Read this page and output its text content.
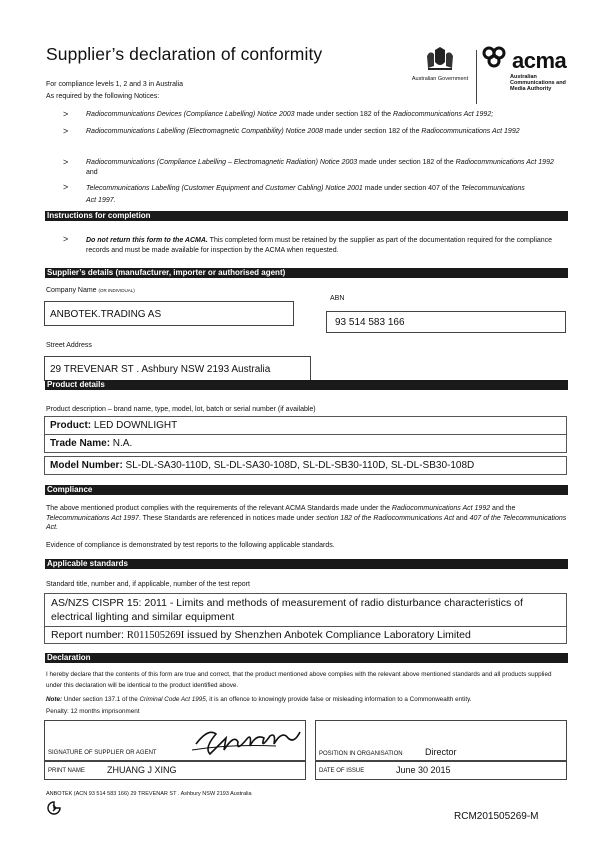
Supplier’s declaration of conformity
Australian Government
acma
Australian Communications and Media Authority
For compliance levels 1, 2 and 3 in Australia
As required by the following Notices:
>	Radiocommunications Devices (Compliance Labelling) Notice 2003 made under section 182 of the Radiocommunications Act 1992;
>	Radiocommunications Labelling (Electromagnetic Compatibility) Notice 2008 made under section 182 of the Radiocommunications Act 1992
>	Radiocommunications (Compliance Labelling – Electromagnetic Radiation) Notice 2003 made under section 182 of the Radiocommunications Act 1992 and
>	Telecommunications Labelling (Customer Equipment and Customer Cabling) Notice 2001 made under section 407 of the Telecommunications Act 1997.
Instructions for completion
>	Do not return this form to the ACMA. This completed form must be retained by the supplier as part of the documentation required for the compliance records and must be made available for inspection by the ACMA when requested.
Supplier’s details (manufacturer, importer or authorised agent)
Company Name (OR INDIVIDUAL)
ANBOTEK.TRADING AS
ABN
93 514 583 166
Street Address
29 TREVENAR ST . Ashbury NSW 2193 Australia
Product details
Product description – brand name, type, model, lot, batch or serial number (if available)
Product: LED DOWNLIGHT
Trade Name: N.A.
Model Number: SL-DL-SA30-110D, SL-DL-SA30-108D, SL-DL-SB30-110D, SL-DL-SB30-108D
Compliance
The above mentioned product complies with the requirements of the relevant ACMA Standards made under the Radiocommunications Act 1992 and the Telecommunications Act 1997. These Standards are referenced in notices made under section 182 of the Radiocommunications Act and 407 of the Telecommunications Act.
Evidence of compliance is demonstrated by test reports to the following applicable standards.
Applicable standards
Standard title, number and, if applicable, number of the test report
AS/NZS CISPR 15: 2011 - Limits and methods of measurement of radio disturbance characteristics of electrical lighting and similar equipment
Report number: R011505269I issued by Shenzhen Anbotek Compliance Laboratory Limited
Declaration
I hereby declare that the contents of this form are true and correct, that the product mentioned above complies with the relevant above mentioned standards and all products supplied under this declaration will be identical to the product identified above.
Note: Under section 137.1 of the Criminal Code Act 1995, it is an offence to knowingly provide false or misleading information to a Commonwealth entity.
Penalty: 12 months imprisonment
SIGNATURE OF SUPPLIER OR AGENT
PRINT NAME ZHUANG J XING
POSITION IN ORGANISATION Director
DATE OF ISSUE	June 30 2015
ANBOTEK (ACN 93 514 583 166) 29 TREVENAR ST . Ashbury NSW 2193 Australia
RCM201505269-M
